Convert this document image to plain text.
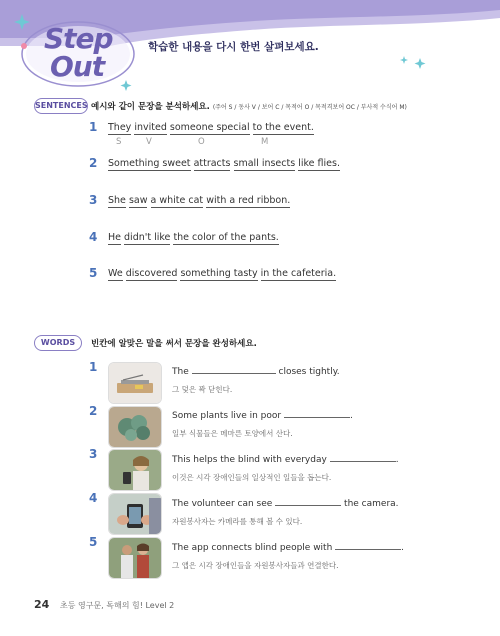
Step
Out
학습한 내용을 다시 한번 살펴보세요.
SENTENCES 예시와 같이 문장을 분석하세요. (주어 S / 동사 V / 보어 C / 목적어 O / 목적격보어 OC / 부사적 수식어 M)
1 They invited someone special to the event.
S	V	O	M
2 Something sweet attracts small insects like flies.
3 She saw a white cat with a red ribbon.
4 He didn't like the color of the pants.
5 We discovered something tasty in the cafeteria.
WORDS	빈칸에 알맞은 말을 써서 문장을 완성하세요.
1	The	closes tightly.
그 덫은 꽉 닫힌다.
2	Some plants live in poor	.
일부 식물들은 메마른 토양에서 산다.
3	This helps the blind with everyday	.
이것은 시각 장애인들의 일상적인 일들을 돕는다.
4	The volunteer can see	the camera.
자원봉사자는 카메라를 통해 볼 수 있다.
5	The app connects blind people with	.
그 앱은 시각 장애인들을 자원봉사자들과 연결한다.
24 초등 영구문, 독해의 힘! Level 2
